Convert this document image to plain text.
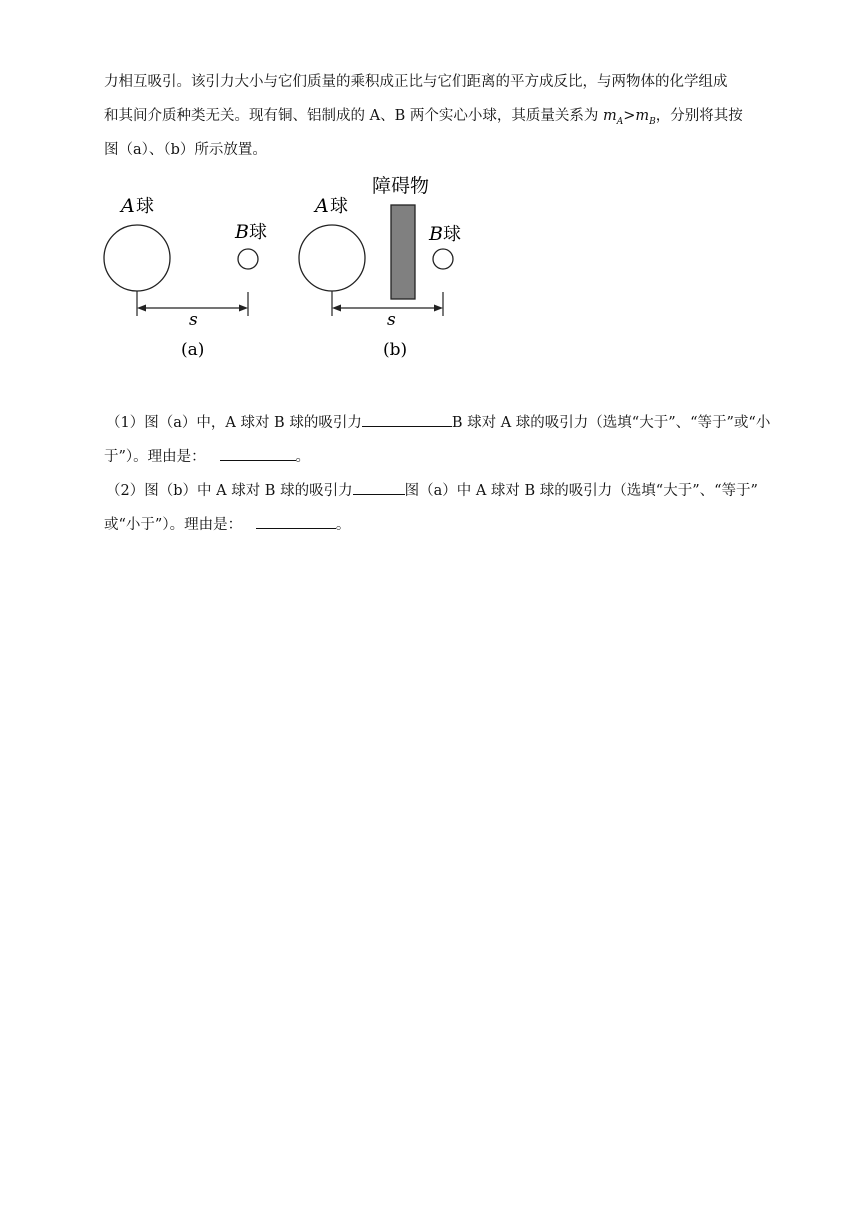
力相互吸引。该引力大小与它们质量的乘积成正比与它们距离的平方成反比，与两物体的化学组成
和其间介质种类无关。现有铜、铝制成的 A、B 两个实心小球，其质量关系为 $m_A>m_B$，分别将其按
图（a）、（b）所示放置。
A 球
B 球
s
(a)
障碍物
A 球
B 球
s
(b)
（1）图（a）中，A 球对 B 球的吸引力	B 球对 A 球的吸引力（选填“大于”、“等于”或“小
于”）。理由是：	。
（2）图（b）中 A 球对 B 球的吸引力	图（a）中 A 球对 B 球的吸引力（选填“大于”、“等于”
或“小于”）。理由是：	。
